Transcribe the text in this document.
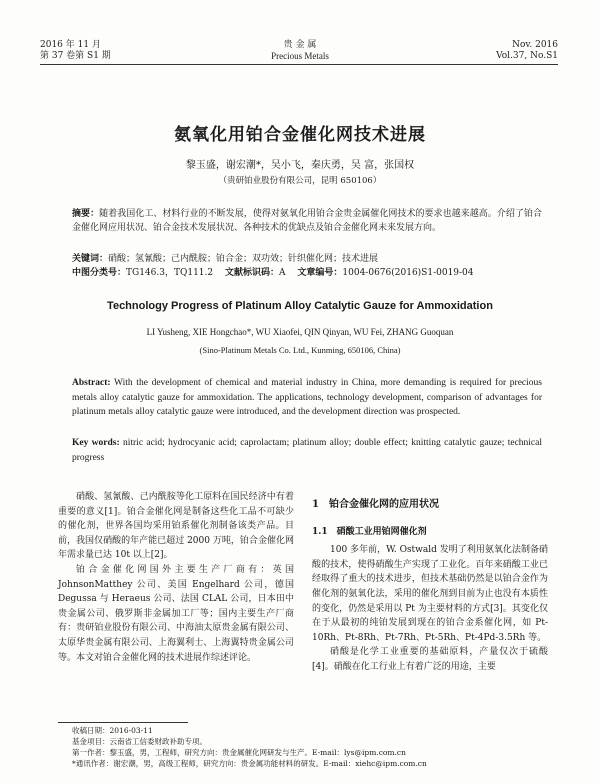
2016 年 11 月
第 37 卷第 S1 期
贵 金 属
Precious Metals
Nov. 2016
Vol.37, No.S1
氨氧化用铂合金催化网技术进展
黎玉盛，谢宏潮*，吴小飞，秦庆勇，吴 富，张国权
（贵研铂业股份有限公司，昆明 650106）
摘要：随着我国化工、材料行业的不断发展，使得对氨氧化用铂合金贵金属催化网技术的要求也越来越高。介绍了铂合金催化网应用状况、铂合金技术发展状况、各种技术的优缺点及铂合金催化网未来发展方向。
关键词：硝酸；氢氰酸；己内酰胺；铂合金；双功效；针织催化网；技术进展
中图分类号：TG146.3，TQ111.2　 文献标识码：A　 文章编号：1004-0676(2016)S1-0019-04
Technology Progress of Platinum Alloy Catalytic Gauze for Ammoxidation
LI Yusheng, XIE Hongchao*, WU Xiaofei, QIN Qinyan, WU Fei, ZHANG Guoquan
(Sino-Platinum Metals Co. Ltd., Kunming, 650106, China)
Abstract: With the development of chemical and material industry in China, more demanding is required for precious metals alloy catalytic gauze for ammoxidation. The applications, technology development, comparison of advantages for platinum metals alloy catalytic gauze were introduced, and the development direction was prospected.
Key words: nitric acid; hydrocyanic acid; caprolactam; platinum alloy; double effect; knitting catalytic gauze; technical progress

硝酸、氢氰酸、己内酰胺等化工原料在国民经济中有着重要的意义[1]。铂合金催化网是制备这些化工品不可缺少的催化剂，世界各国均采用铂系催化剂制备该类产品。目前，我国仅硝酸的年产能已超过 2000 万吨，铂合金催化网年需求量已达 10t 以上[2]。

铂合金催化网国外主要生产厂商有：英国 JohnsonMatthey 公司、美国 Engelhard 公司，德国 Degussa 与 Heraeus 公司、法国 CLAL 公司，日本田中贵金属公司、俄罗斯非金属加工厂等；国内主要生产厂商有：贵研铂业股份有限公司、中海油太原贵金属有限公司、太原华贵金属有限公司、上海翼利士、上海翼特贵金属公司等。本文对铂合金催化网的技术进展作综述评论。

1　铂合金催化网的应用状况
1.1　硝酸工业用铂网催化剂

100 多年前，W. Ostwald 发明了利用氨氧化法制备硝酸的技术，使得硝酸生产实现了工业化。百年来硝酸工业已经取得了重大的技术进步，但技术基础仍然是以铂合金作为催化剂的氨氧化法，采用的催化剂到目前为止也没有本质性的变化，仍然是采用以 Pt 为主要材料的方式[3]。其变化仅在于从最初的纯铂发展到现在的铂合金系催化网，如 Pt-10Rh、Pt-8Rh、Pt-7Rh、Pt-5Rh、Pt-4Pd-3.5Rh 等。

硝酸是化学工业重要的基础原料，产量仅次于硫酸[4]。硝酸在化工行业上有着广泛的用途，主要

收稿日期：2016-03-11
基金项目：云南省工信委财政补助专项。
第一作者：黎玉盛，男，工程师，研究方向：贵金属催化网研发与生产。E-mail：lys@ipm.com.cn
*通讯作者：谢宏潮，男，高级工程师，研究方向：贵金属功能材料的研发。E-mail：xiehc@ipm.com.cn
